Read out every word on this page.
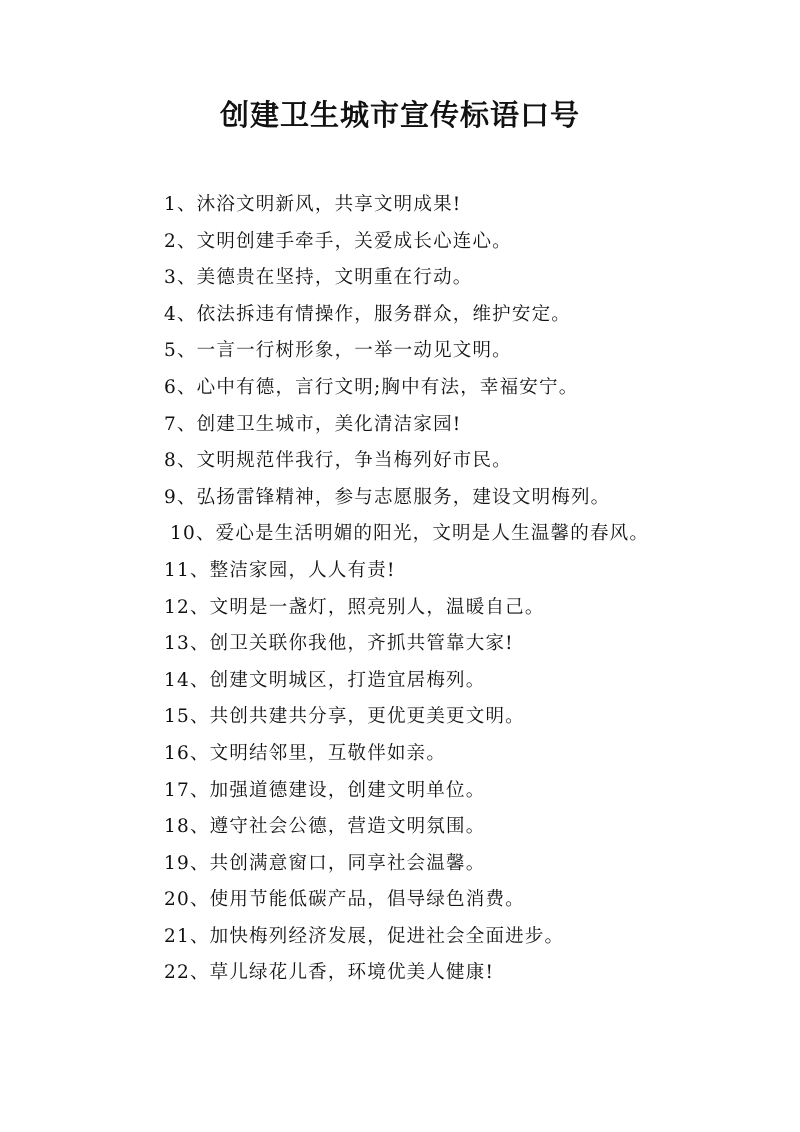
创建卫生城市宣传标语口号
1、沐浴文明新风，共享文明成果!
2、文明创建手牵手，关爱成长心连心。
3、美德贵在坚持，文明重在行动。
4、依法拆违有情操作，服务群众，维护安定。
5、一言一行树形象，一举一动见文明。
6、心中有德，言行文明;胸中有法，幸福安宁。
7、创建卫生城市，美化清洁家园!
8、文明规范伴我行，争当梅列好市民。
9、弘扬雷锋精神，参与志愿服务，建设文明梅列。
10、爱心是生活明媚的阳光，文明是人生温馨的春风。
11、整洁家园，人人有责!
12、文明是一盏灯，照亮别人，温暖自己。
13、创卫关联你我他，齐抓共管靠大家!
14、创建文明城区，打造宜居梅列。
15、共创共建共分享，更优更美更文明。
16、文明结邻里，互敬伴如亲。
17、加强道德建设，创建文明单位。
18、遵守社会公德，营造文明氛围。
19、共创满意窗口，同享社会温馨。
20、使用节能低碳产品，倡导绿色消费。
21、加快梅列经济发展，促进社会全面进步。
22、草儿绿花儿香，环境优美人健康!
